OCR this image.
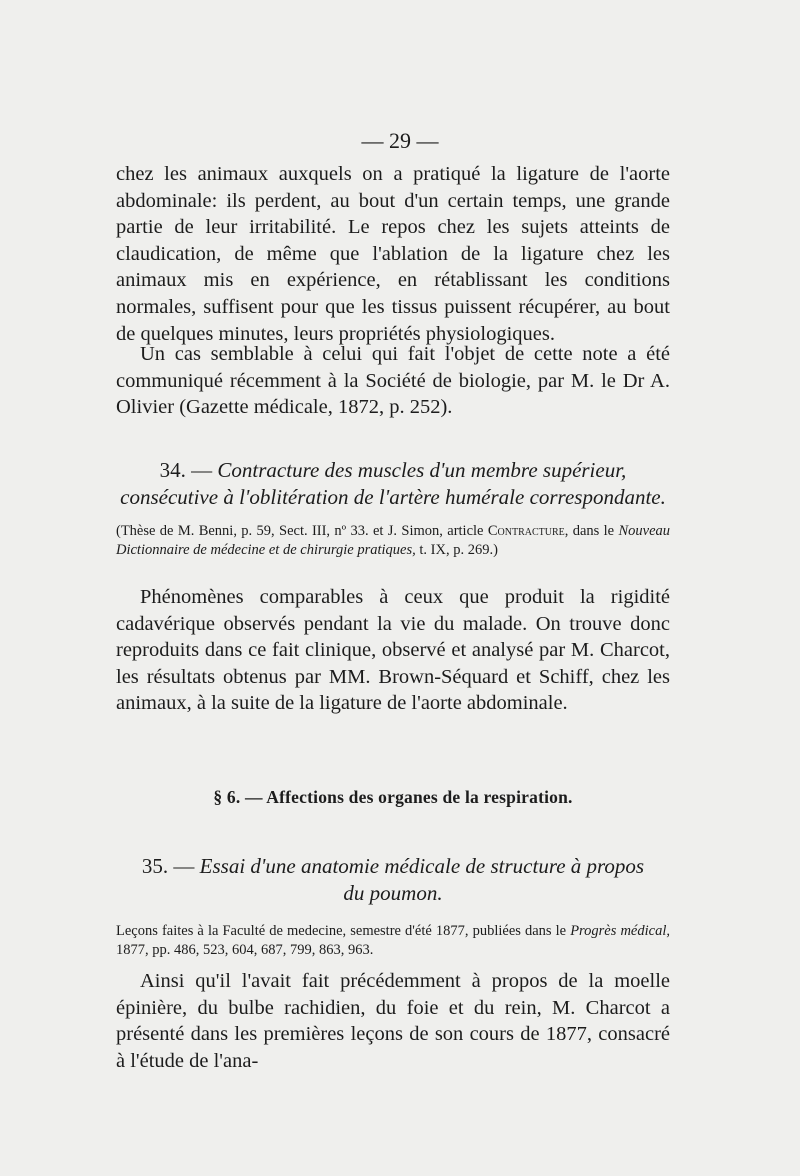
— 29 —

chez les animaux auxquels on a pratiqué la ligature de l'aorte abdominale: ils perdent, au bout d'un certain temps, une grande partie de leur irritabilité. Le repos chez les sujets atteints de claudication, de même que l'ablation de la ligature chez les animaux mis en expérience, en rétablissant les conditions normales, suffisent pour que les tissus puissent récupérer, au bout de quelques minutes, leurs propriétés physiologiques.

Un cas semblable à celui qui fait l'objet de cette note a été communiqué récemment à la Société de biologie, par M. le Dr A. Olivier (Gazette médicale, 1872, p. 252).

34. — Contracture des muscles d'un membre supérieur,
consécutive à l'oblitération de l'artère humérale correspondante.
(Thèse de M. Benni, p. 59, Sect. III, nº 33. et J. Simon, article Contracture, dans le Nouveau Dictionnaire de médecine et de chirurgie pratiques, t. IX, p. 269.)

Phénomènes comparables à ceux que produit la rigidité cadavérique observés pendant la vie du malade. On trouve donc reproduits dans ce fait clinique, observé et analysé par M. Charcot, les résultats obtenus par MM. Brown-Séquard et Schiff, chez les animaux, à la suite de la ligature de l'aorte abdominale.

§ 6. — Affections des organes de la respiration.
35. — Essai d'une anatomie médicale de structure à propos
du poumon.
Leçons faites à la Faculté de medecine, semestre d'été 1877, publiées dans le Progrès médical, 1877, pp. 486, 523, 604, 687, 799, 863, 963.

Ainsi qu'il l'avait fait précédemment à propos de la moelle épinière, du bulbe rachidien, du foie et du rein, M. Charcot a présenté dans les premières leçons de son cours de 1877, consacré à l'étude de l'ana-
